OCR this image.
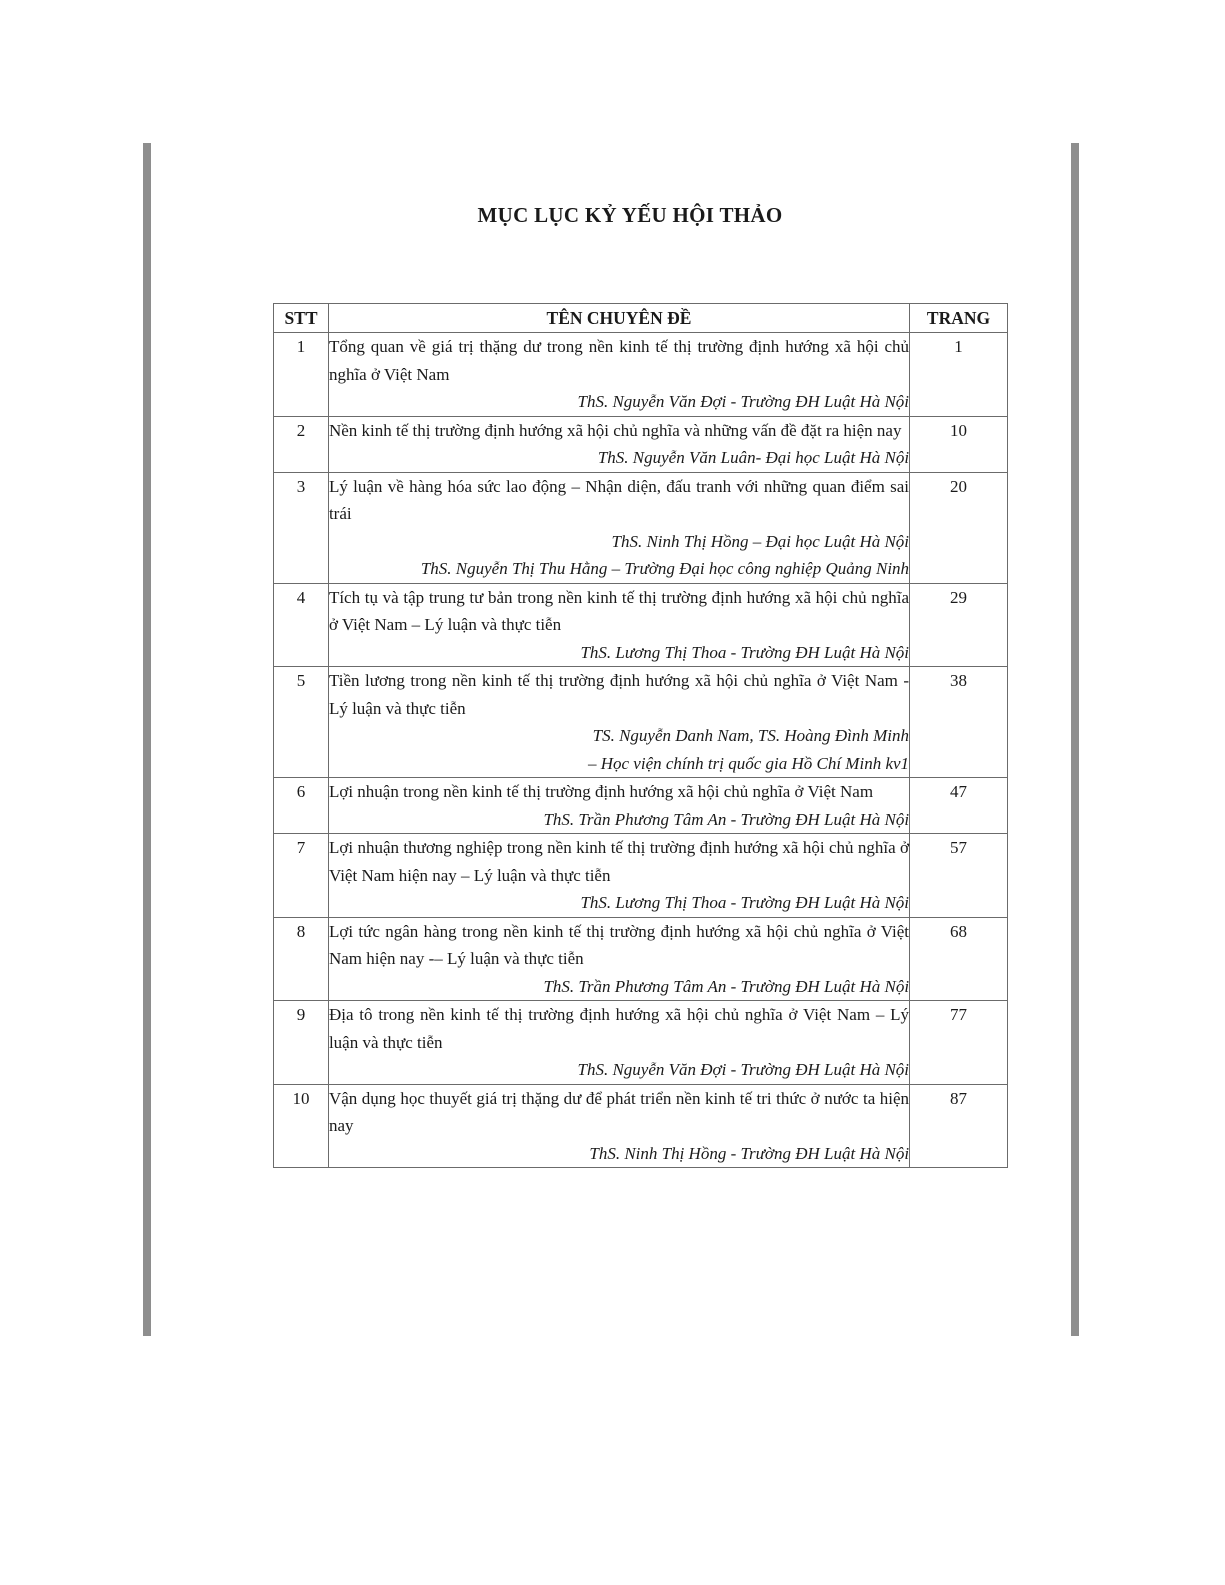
MỤC LỤC KỶ YẾU HỘI THẢO
STT	TÊN CHUYÊN ĐỀ	TRANG
1	Tổng quan về giá trị thặng dư trong nền kinh tế thị trường định hướng xã hội chủ nghĩa ở Việt Nam
ThS. Nguyễn Văn Đợi - Trường ĐH Luật Hà Nội	1
2	Nền kinh tế thị trường định hướng xã hội chủ nghĩa và những vấn đề đặt ra hiện nay
ThS. Nguyễn Văn Luân- Đại học Luật Hà Nội	10
3	Lý luận về hàng hóa sức lao động – Nhận diện, đấu tranh với những quan điểm sai trái
ThS. Ninh Thị Hồng – Đại học Luật Hà Nội
ThS. Nguyễn Thị Thu Hằng – Trường Đại học công nghiệp Quảng Ninh	20
4	Tích tụ và tập trung tư bản trong nền kinh tế thị trường định hướng xã hội chủ nghĩa ở Việt Nam – Lý luận và thực tiễn
ThS. Lương Thị Thoa - Trường ĐH Luật Hà Nội	29
5	Tiền lương trong nền kinh tế thị trường định hướng xã hội chủ nghĩa ở Việt Nam - Lý luận và thực tiễn
TS. Nguyễn Danh Nam, TS. Hoàng Đình Minh
– Học viện chính trị quốc gia Hồ Chí Minh kv1	38
6	Lợi nhuận trong nền kinh tế thị trường định hướng xã hội chủ nghĩa ở Việt Nam
ThS. Trần Phương Tâm An - Trường ĐH Luật Hà Nội	47
7	Lợi nhuận thương nghiệp trong nền kinh tế thị trường định hướng xã hội chủ nghĩa ở Việt Nam hiện nay – Lý luận và thực tiễn
ThS. Lương Thị Thoa - Trường ĐH Luật Hà Nội	57
8	Lợi tức ngân hàng trong nền kinh tế thị trường định hướng xã hội chủ nghĩa ở Việt Nam hiện nay -– Lý luận và thực tiễn
ThS. Trần Phương Tâm An - Trường ĐH Luật Hà Nội	68
9	Địa tô trong nền kinh tế thị trường định hướng xã hội chủ nghĩa ở Việt Nam – Lý luận và thực tiễn
ThS. Nguyễn Văn Đợi - Trường ĐH Luật Hà Nội	77
10	Vận dụng học thuyết giá trị thặng dư để phát triển nền kinh tế tri thức ở nước ta hiện nay
ThS. Ninh Thị Hồng - Trường ĐH Luật Hà Nội	87
